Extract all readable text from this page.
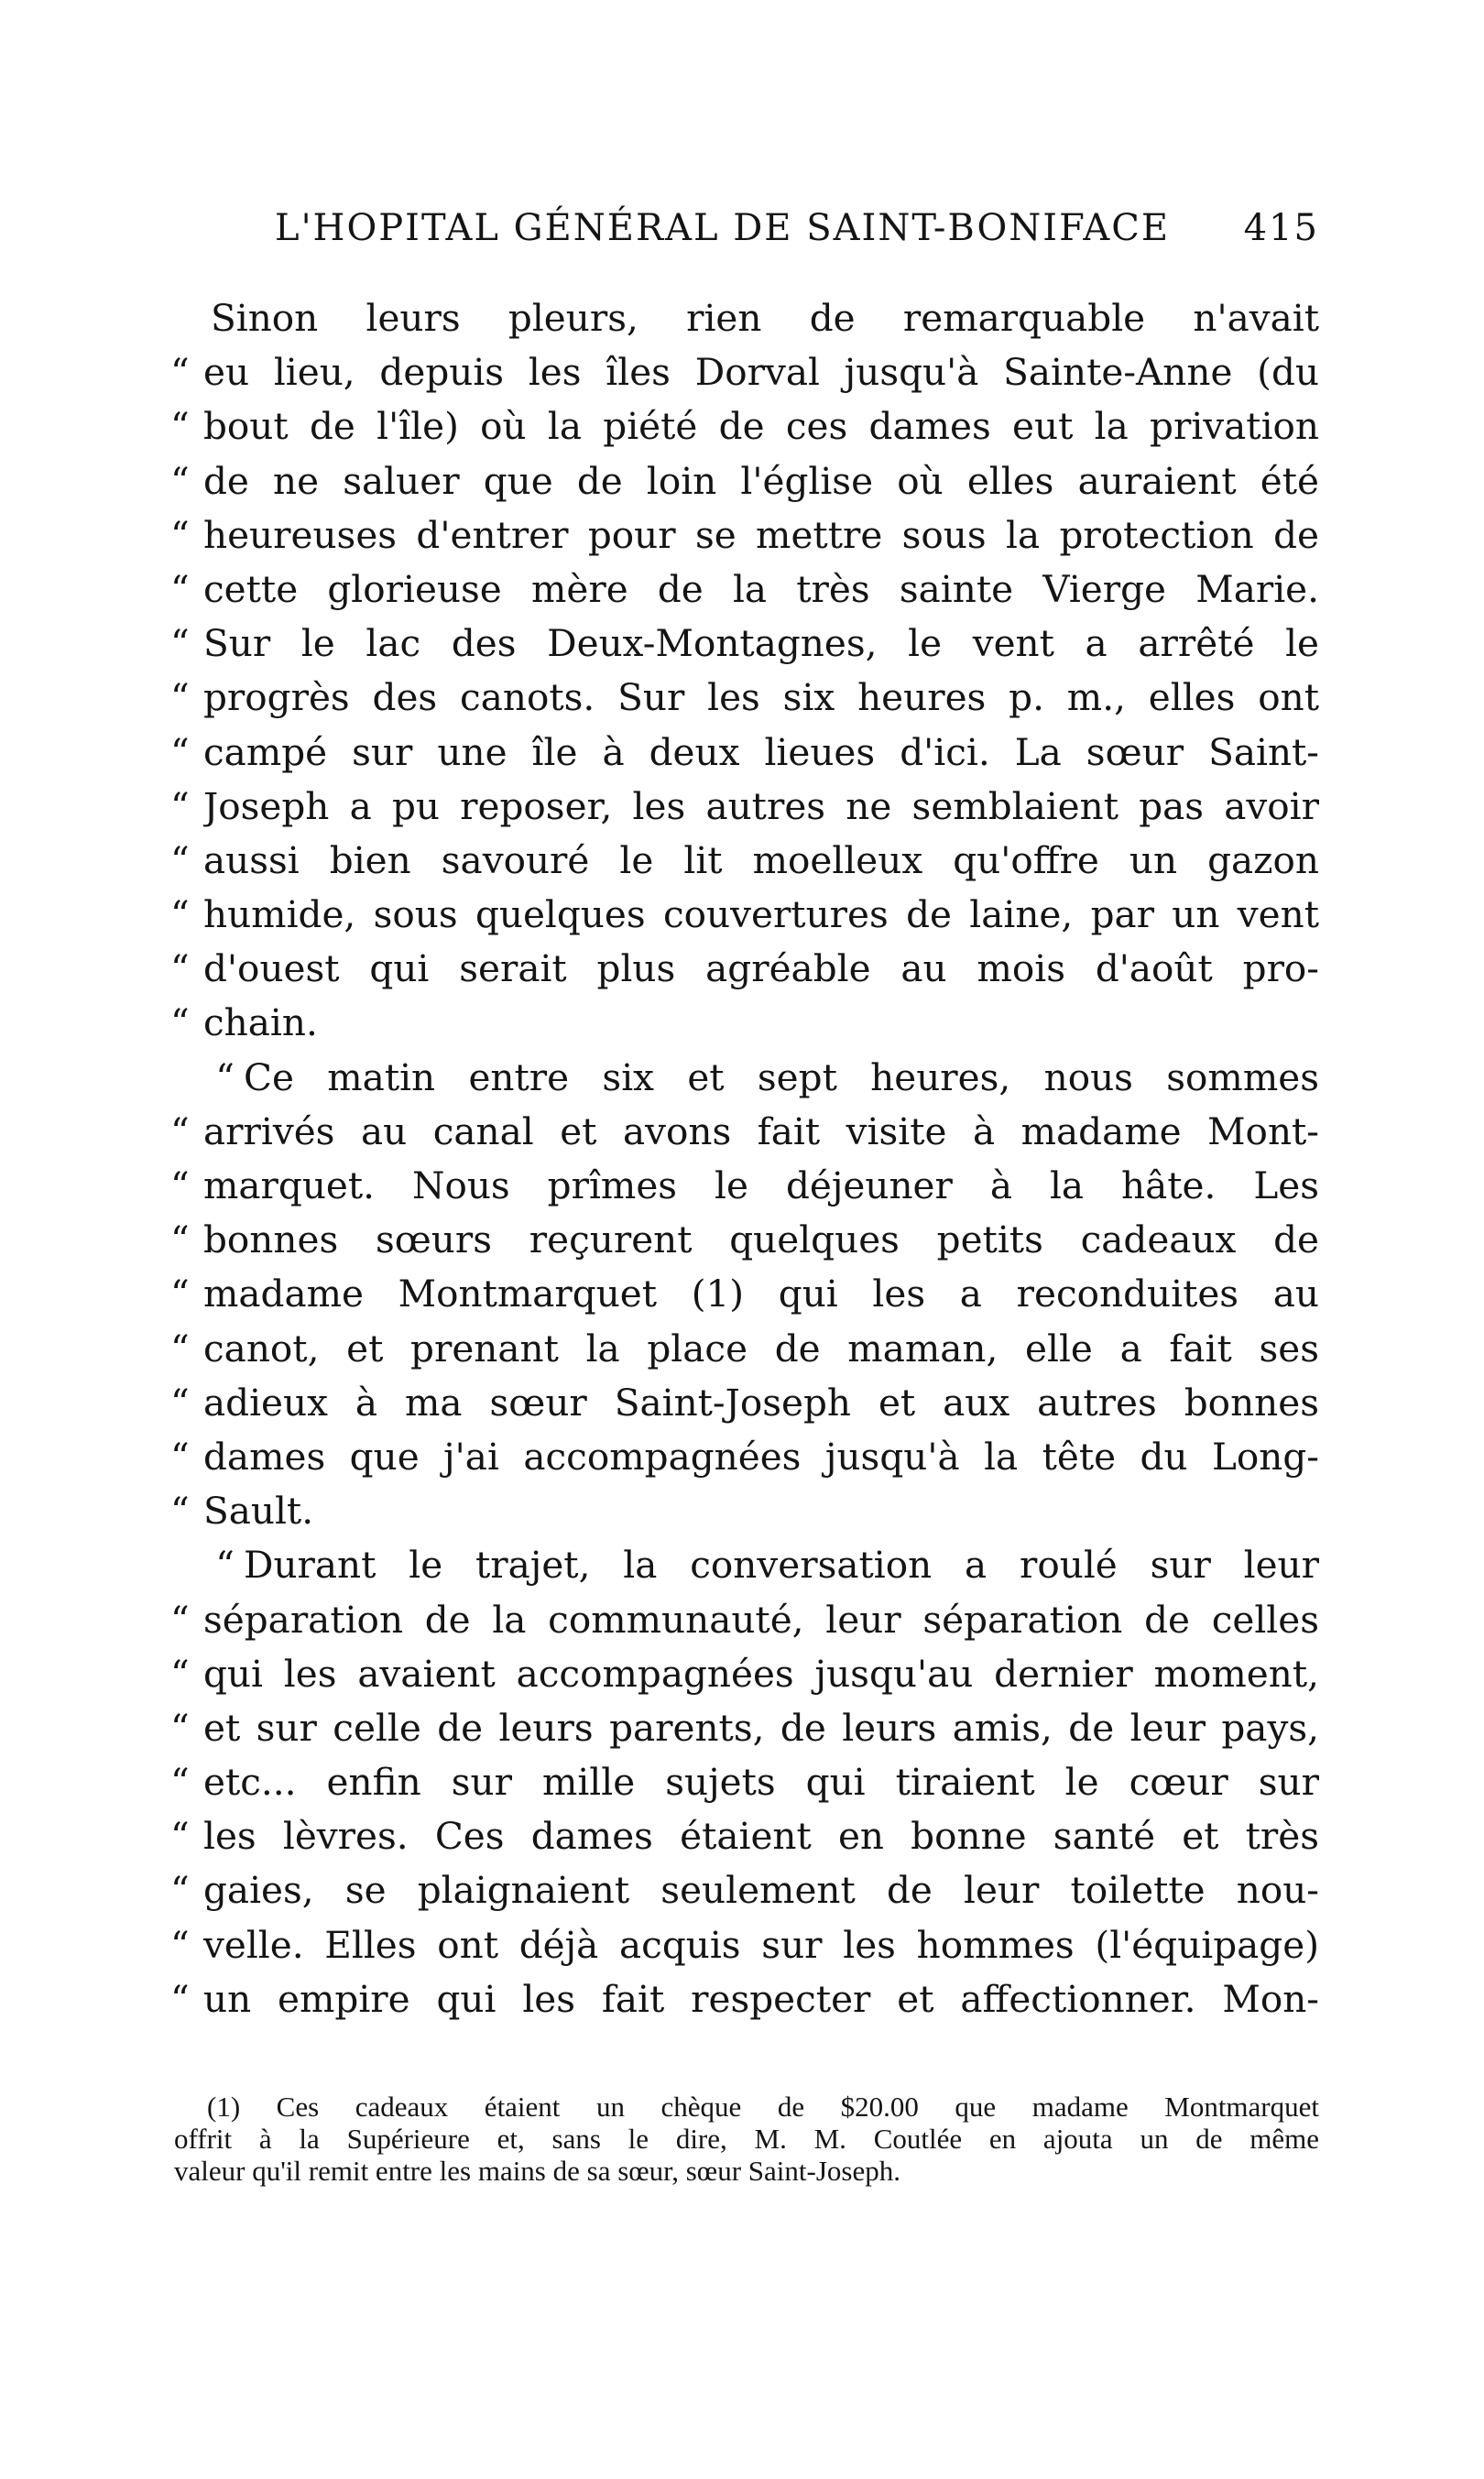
L'HOPITAL GÉNÉRAL DE SAINT-BONIFACE 415
Sinon leurs pleurs, rien de remarquable n'avait
“ eu lieu, depuis les îles Dorval jusqu'à Sainte-Anne (du
“ bout de l'île) où la piété de ces dames eut la privation
“ de ne saluer que de loin l'église où elles auraient été
“ heureuses d'entrer pour se mettre sous la protection de
“ cette glorieuse mère de la très sainte Vierge Marie.
“ Sur le lac des Deux-Montagnes, le vent a arrêté le
“ progrès des canots. Sur les six heures p. m., elles ont
“ campé sur une île à deux lieues d'ici. La sœur Saint-
“ Joseph a pu reposer, les autres ne semblaient pas avoir
“ aussi bien savouré le lit moelleux qu'offre un gazon
“ humide, sous quelques couvertures de laine, par un vent
“ d'ouest qui serait plus agréable au mois d'août pro-
“ chain.
“ Ce matin entre six et sept heures, nous sommes
“ arrivés au canal et avons fait visite à madame Mont-
“ marquet. Nous prîmes le déjeuner à la hâte. Les
“ bonnes sœurs reçurent quelques petits cadeaux de
“ madame Montmarquet (1) qui les a reconduites au
“ canot, et prenant la place de maman, elle a fait ses
“ adieux à ma sœur Saint-Joseph et aux autres bonnes
“ dames que j'ai accompagnées jusqu'à la tête du Long-
“ Sault.
“ Durant le trajet, la conversation a roulé sur leur
“ séparation de la communauté, leur séparation de celles
“ qui les avaient accompagnées jusqu'au dernier moment,
“ et sur celle de leurs parents, de leurs amis, de leur pays,
“ etc... enfin sur mille sujets qui tiraient le cœur sur
“ les lèvres. Ces dames étaient en bonne santé et très
“ gaies, se plaignaient seulement de leur toilette nou-
“ velle. Elles ont déjà acquis sur les hommes (l'équipage)
“ un empire qui les fait respecter et affectionner. Mon-
(1) Ces cadeaux étaient un chèque de $20.00 que madame Montmarquet
offrit à la Supérieure et, sans le dire, M. M. Coutlée en ajouta un de même
valeur qu'il remit entre les mains de sa sœur, sœur Saint-Joseph.
